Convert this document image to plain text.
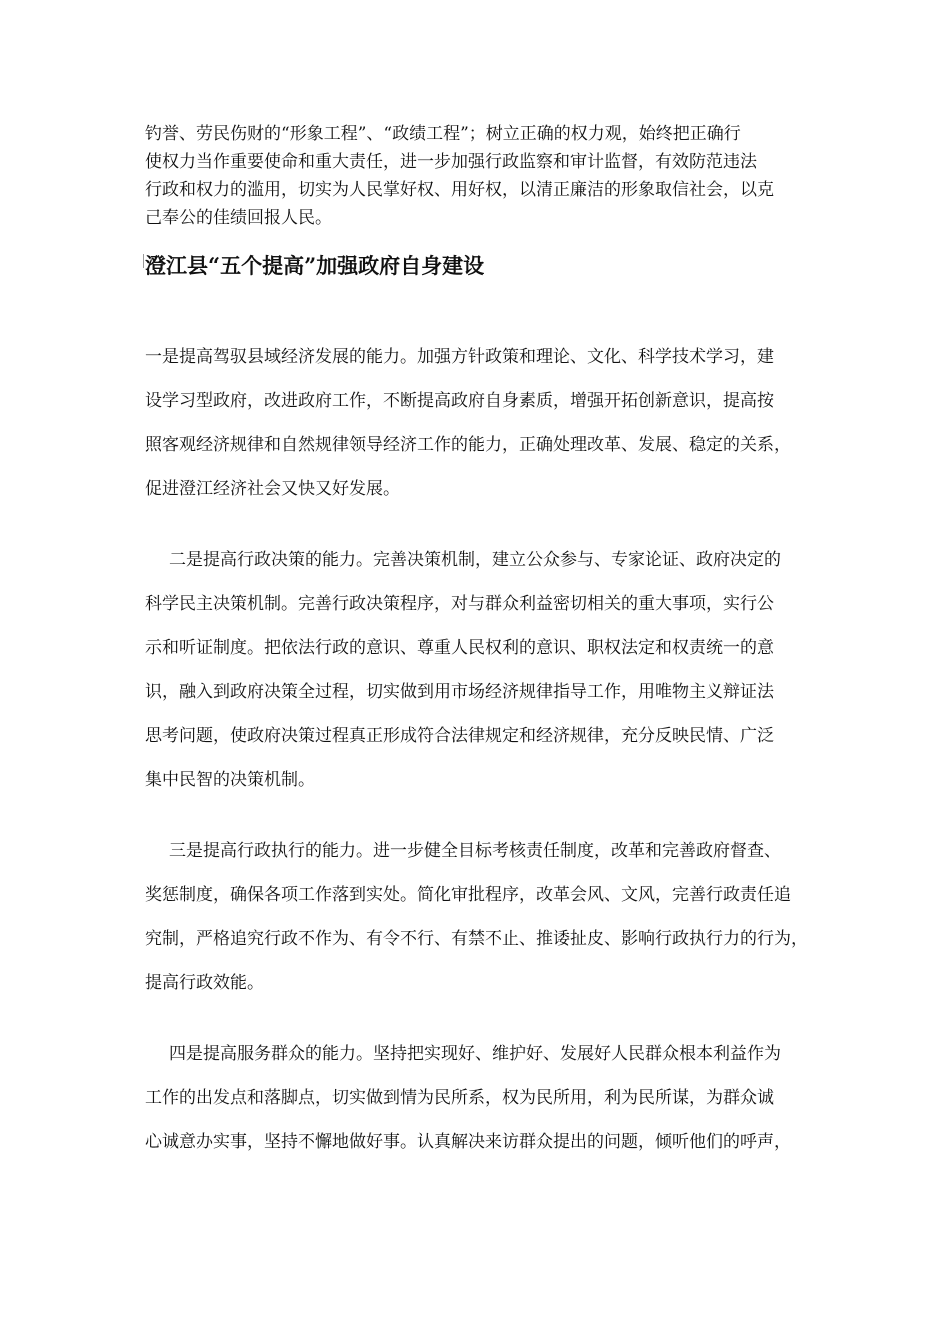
钓誉、劳民伤财的“形象工程”、“政绩工程”；树立正确的权力观，始终把正确行

使权力当作重要使命和重大责任，进一步加强行政监察和审计监督，有效防范违法

行政和权力的滥用，切实为人民掌好权、用好权，以清正廉洁的形象取信社会，以克

己奉公的佳绩回报人民。

澄江县“五个提高”加强政府自身建设

一是提高驾驭县域经济发展的能力。加强方针政策和理论、文化、科学技术学习，建

设学习型政府，改进政府工作，不断提高政府自身素质，增强开拓创新意识，提高按

照客观经济规律和自然规律领导经济工作的能力，正确处理改革、发展、稳定的关系，

促进澄江经济社会又快又好发展。

二是提高行政决策的能力。完善决策机制，建立公众参与、专家论证、政府决定的

科学民主决策机制。完善行政决策程序，对与群众利益密切相关的重大事项，实行公

示和听证制度。把依法行政的意识、尊重人民权利的意识、职权法定和权责统一的意

识，融入到政府决策全过程，切实做到用市场经济规律指导工作，用唯物主义辩证法

思考问题，使政府决策过程真正形成符合法律规定和经济规律，充分反映民情、广泛

集中民智的决策机制。

三是提高行政执行的能力。进一步健全目标考核责任制度，改革和完善政府督查、

奖惩制度，确保各项工作落到实处。简化审批程序，改革会风、文风，完善行政责任追

究制，严格追究行政不作为、有令不行、有禁不止、推诿扯皮、影响行政执行力的行为，

提高行政效能。

四是提高服务群众的能力。坚持把实现好、维护好、发展好人民群众根本利益作为

工作的出发点和落脚点，切实做到情为民所系，权为民所用，利为民所谋，为群众诚

心诚意办实事，坚持不懈地做好事。认真解决来访群众提出的问题，倾听他们的呼声，
